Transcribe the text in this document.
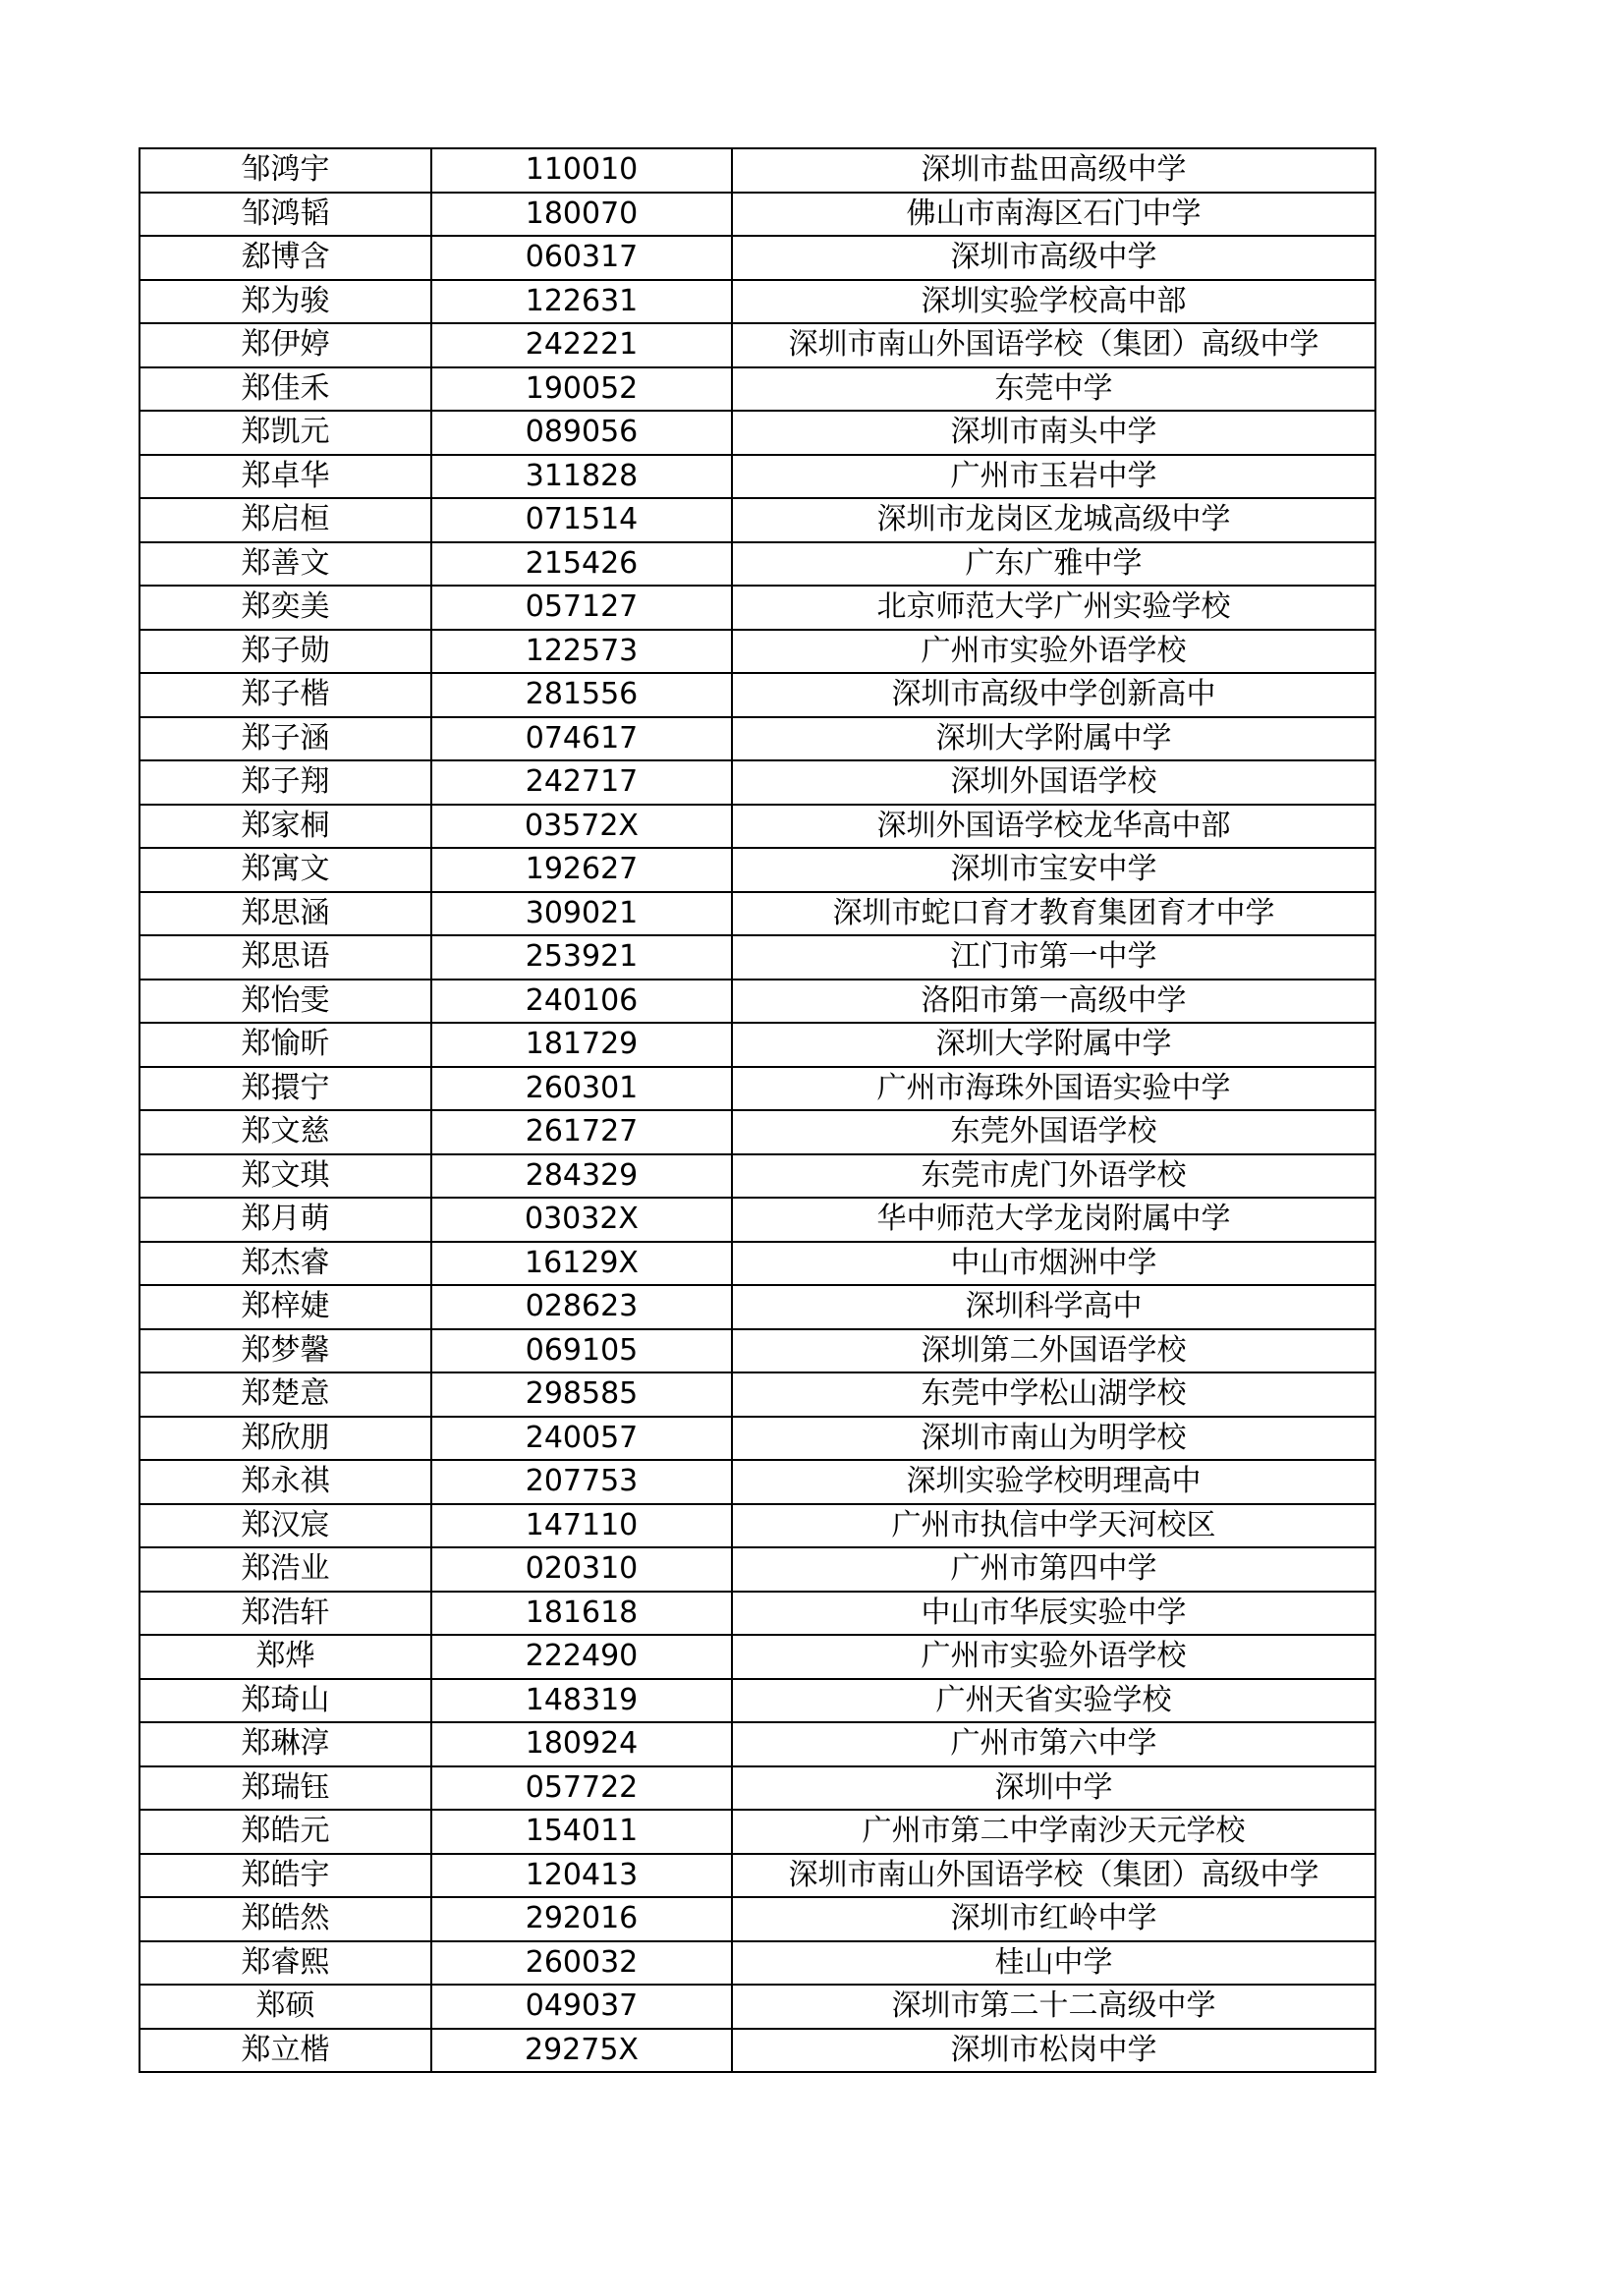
邹鸿宇	110010	深圳市盐田高级中学
邹鸿韬	180070	佛山市南海区石门中学
郄博含	060317	深圳市高级中学
郑为骏	122631	深圳实验学校高中部
郑伊婷	242221	深圳市南山外国语学校（集团）高级中学
郑佳禾	190052	东莞中学
郑凯元	089056	深圳市南头中学
郑卓华	311828	广州市玉岩中学
郑启桓	071514	深圳市龙岗区龙城高级中学
郑善文	215426	广东广雅中学
郑奕美	057127	北京师范大学广州实验学校
郑子勋	122573	广州市实验外语学校
郑子楷	281556	深圳市高级中学创新高中
郑子涵	074617	深圳大学附属中学
郑子翔	242717	深圳外国语学校
郑家桐	03572X	深圳外国语学校龙华高中部
郑寓文	192627	深圳市宝安中学
郑思涵	309021	深圳市蛇口育才教育集团育才中学
郑思语	253921	江门市第一中学
郑怡雯	240106	洛阳市第一高级中学
郑愉昕	181729	深圳大学附属中学
郑擐宁	260301	广州市海珠外国语实验中学
郑文慈	261727	东莞外国语学校
郑文琪	284329	东莞市虎门外语学校
郑月萌	03032X	华中师范大学龙岗附属中学
郑杰睿	16129X	中山市烟洲中学
郑梓婕	028623	深圳科学高中
郑梦馨	069105	深圳第二外国语学校
郑楚意	298585	东莞中学松山湖学校
郑欣朋	240057	深圳市南山为明学校
郑永祺	207753	深圳实验学校明理高中
郑汉宸	147110	广州市执信中学天河校区
郑浩业	020310	广州市第四中学
郑浩轩	181618	中山市华辰实验中学
郑烨	222490	广州市实验外语学校
郑琦山	148319	广州天省实验学校
郑琳淳	180924	广州市第六中学
郑瑞钰	057722	深圳中学
郑皓元	154011	广州市第二中学南沙天元学校
郑皓宇	120413	深圳市南山外国语学校（集团）高级中学
郑皓然	292016	深圳市红岭中学
郑睿熙	260032	桂山中学
郑硕	049037	深圳市第二十二高级中学
郑立楷	29275X	深圳市松岗中学
